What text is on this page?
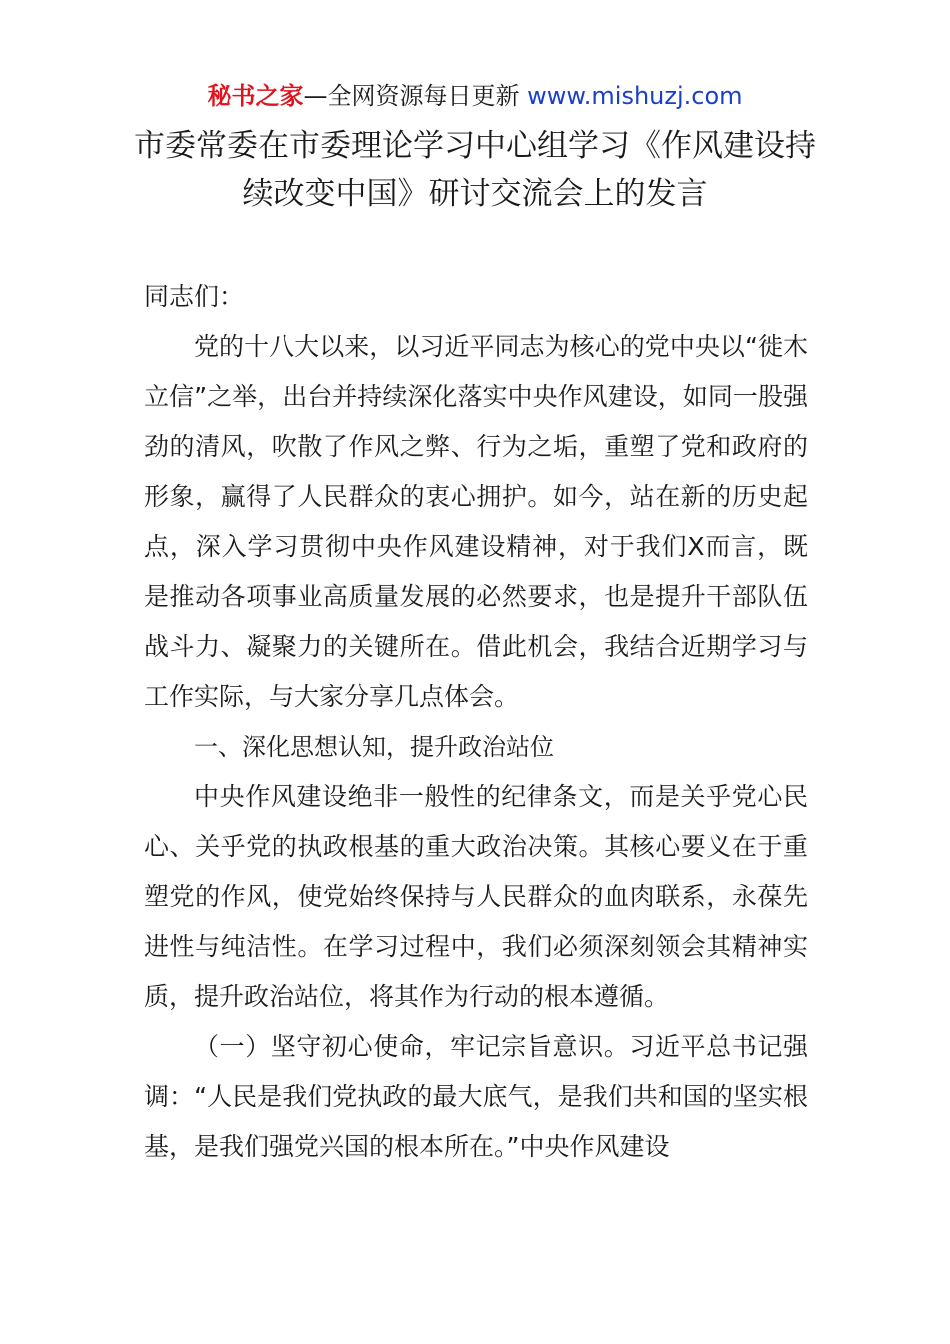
秘书之家—全网资源每日更新 www.mishuzj.com
市委常委在市委理论学习中心组学习《作风建设持续改变中国》研讨交流会上的发言

同志们：

党的十八大以来，以习近平同志为核心的党中央以“徙木立信”之举，出台并持续深化落实中央作风建设，如同一股强劲的清风，吹散了作风之弊、行为之垢，重塑了党和政府的形象，赢得了人民群众的衷心拥护。如今，站在新的历史起点，深入学习贯彻中央作风建设精神，对于我们X而言，既是推动各项事业高质量发展的必然要求，也是提升干部队伍战斗力、凝聚力的关键所在。借此机会，我结合近期学习与工作实际，与大家分享几点体会。

一、深化思想认知，提升政治站位

中央作风建设绝非一般性的纪律条文，而是关乎党心民心、关乎党的执政根基的重大政治决策。其核心要义在于重塑党的作风，使党始终保持与人民群众的血肉联系，永葆先进性与纯洁性。在学习过程中，我们必须深刻领会其精神实质，提升政治站位，将其作为行动的根本遵循。

（一）坚守初心使命，牢记宗旨意识。习近平总书记强调：“人民是我们党执政的最大底气，是我们共和国的坚实根基，是我们强党兴国的根本所在。”中央作风建设
